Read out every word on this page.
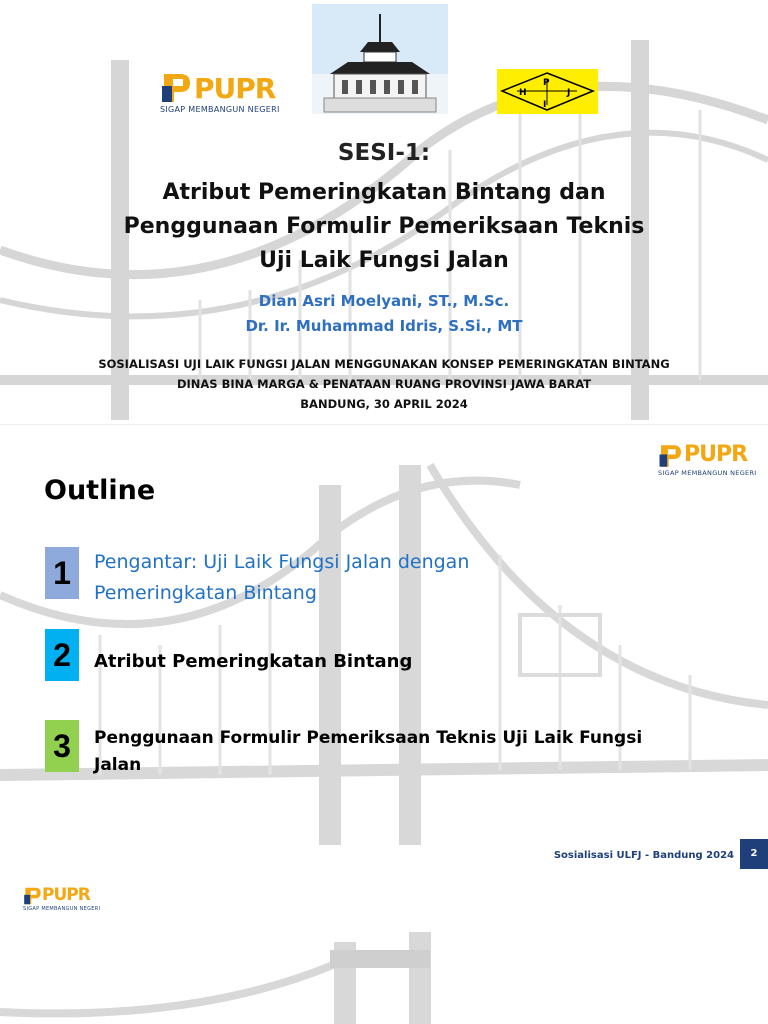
PUPR
SIGAP MEMBANGUN NEGERI
H
P
J
I
SESI-1:
Atribut Pemeringkatan Bintang dan
Penggunaan Formulir Pemeriksaan Teknis
Uji Laik Fungsi Jalan
Dian Asri Moelyani, ST., M.Sc.
Dr. Ir. Muhammad Idris, S.Si., MT
SOSIALISASI UJI LAIK FUNGSI JALAN MENGGUNAKAN KONSEP PEMERINGKATAN BINTANG
DINAS BINA MARGA & PENATAAN RUANG PROVINSI JAWA BARAT
BANDUNG, 30 APRIL 2024
PUPR
SIGAP MEMBANGUN NEGERI
Outline
1	Pengantar: Uji Laik Fungsi Jalan dengan
Pemeringkatan Bintang
2	Atribut Pemeringkatan Bintang
3	Penggunaan Formulir Pemeriksaan Teknis Uji Laik Fungsi
Jalan
Sosialisasi ULFJ - Bandung 2024	2
PUPR
SIGAP MEMBANGUN NEGERI
